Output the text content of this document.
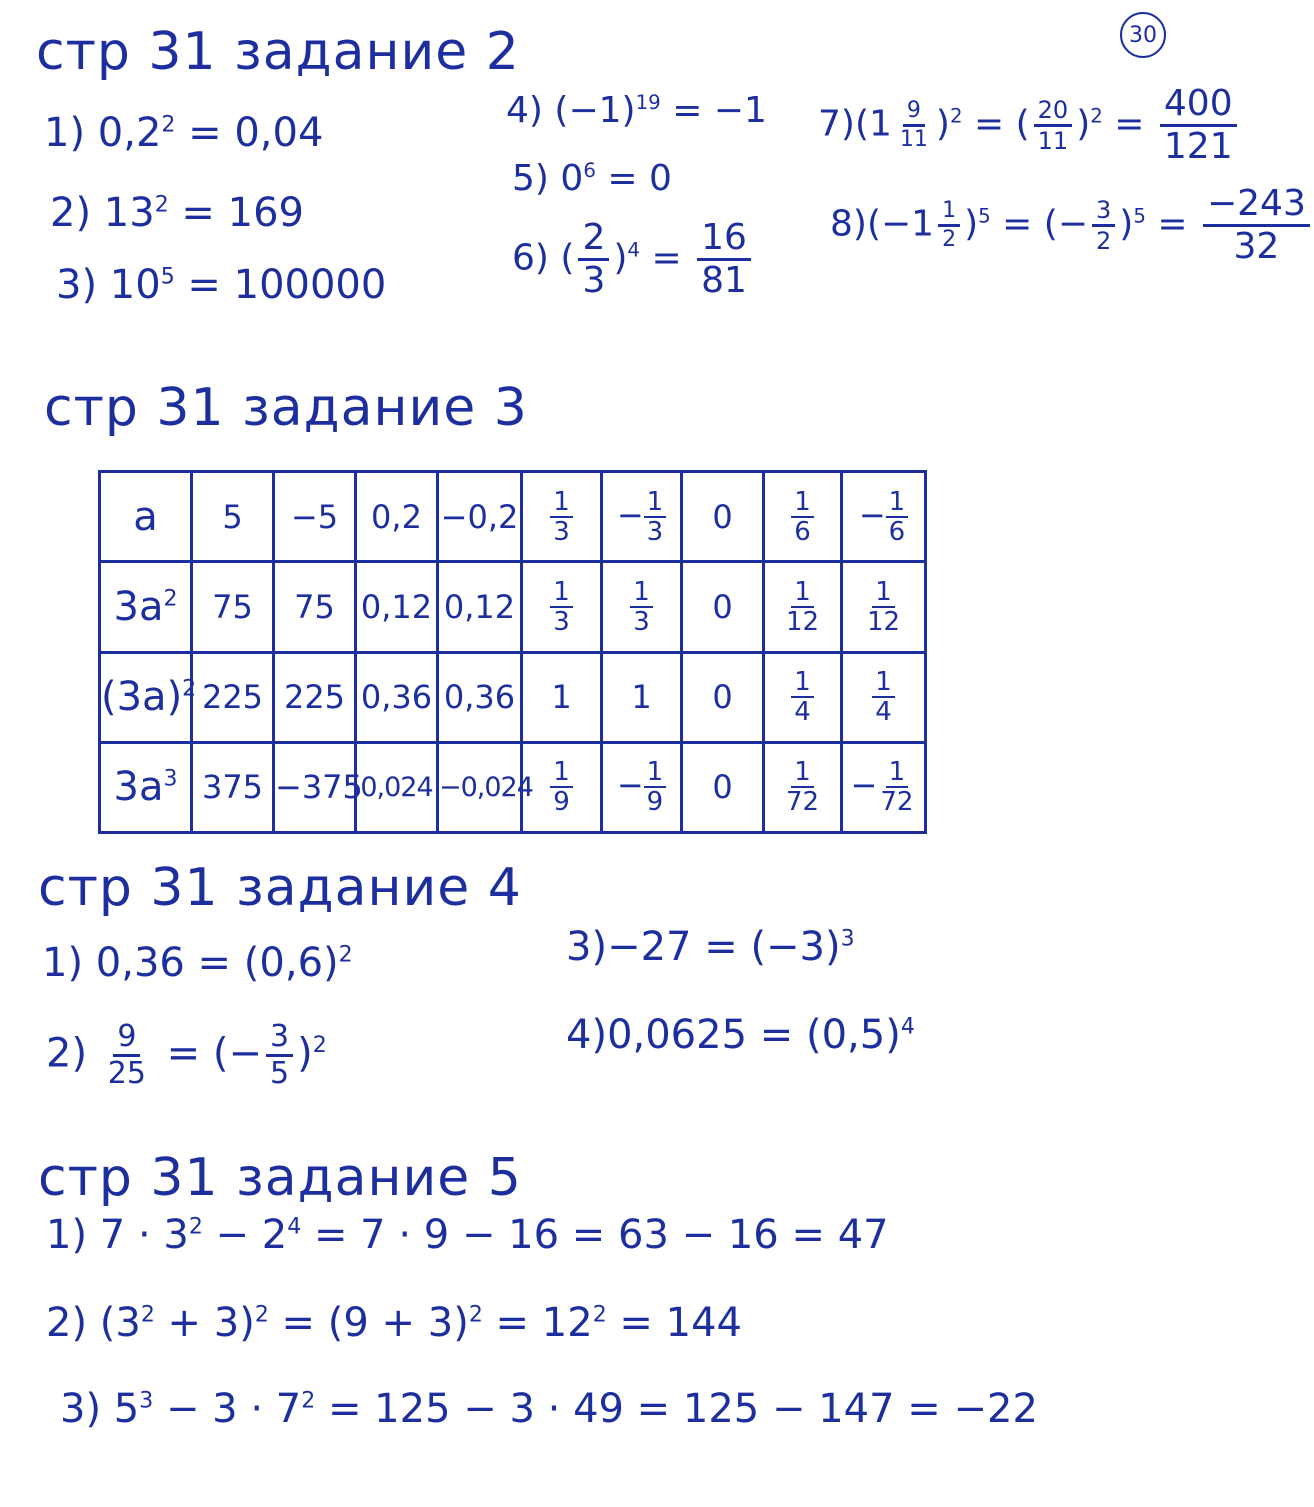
30
стр 31 задание 2
1) $0,2^2 = 0,04$
2) $13^2 = 169$
3) $10^5 = 100000$
4) $(-1)^{19} = -1$
5) $0^6 = 0$
6) ( $\frac{2}{3} )^4 = \frac{16}{81}$
$7)(1 \frac{9}{11} )^2$ = ( $\frac{20}{11} )^2 = \frac{400}{121}$
$8)(-1 \frac{1}{2} )^5$ = (− $\frac{3}{2} )^5 = \frac{-243}{32}$
стр 31 задание 3
a	5	−5	0,2	−0,2	$\frac{1}{3}$	− $\frac{1}{3}$	0	$\frac{1}{6}$	− $\frac{1}{6}$

$3a^2$	75	75	0,12	0,12	$\frac{1}{3}$	$\frac{1}{3}$	0	$\frac{1}{12}$	$\frac{1}{12}$

$(3a)^2$	225	225	0,36	0,36	1	1	0	$\frac{1}{4}$	$\frac{1}{4}$

$3a^3$	375	−375	0,024	−0,024	$\frac{1}{9}$	− $\frac{1}{9}$	0	$\frac{1}{72}$	− $\frac{1}{72}$
стр 31 задание 4
1) $0,36 = (0,6)^2$
$2) \frac{9}{25}$ = (− $\frac{3}{5} )^2$
$3)-27 = (-3)^3$
$4)0,0625 = (0,5)^4$
стр 31 задание 5
1) $7 \cdot 3^2 - 2^4 = 7 \cdot 9 - 16 = 63 - 16 = 47$
2) $(3^2 + 3)^2 = (9 + 3)^2 = 12^2 = 144$
3) $5^3 - 3 \cdot 7^2 = 125 - 3 \cdot 49 = 125 - 147 = -22$
